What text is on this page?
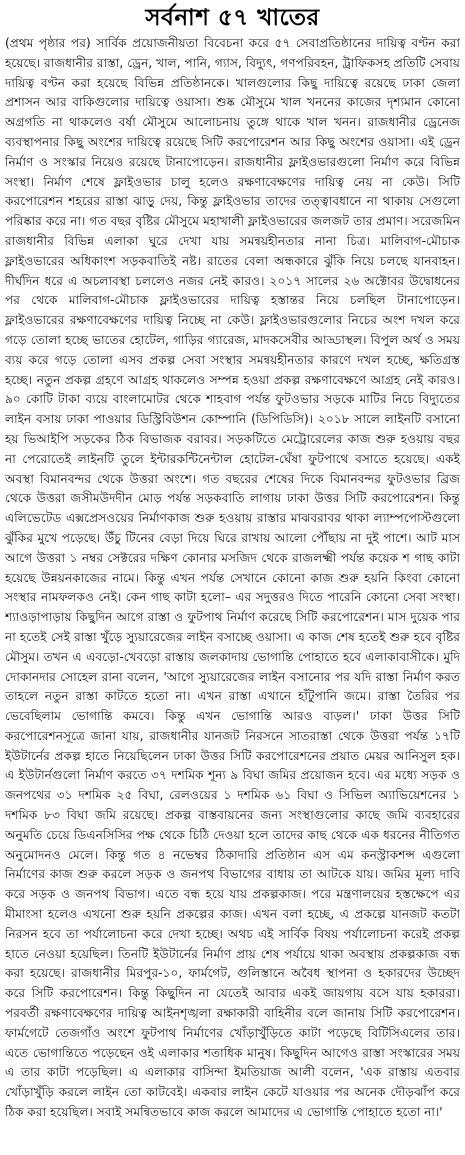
সর্বনাশ ৫৭ খাতের

(প্রথম পৃষ্ঠার পর) সার্বিক প্রয়োজনীয়তা বিবেচনা করে ৫৭ সেবাপ্রতিষ্ঠানের দায়িত্ব বণ্টন করা হয়েছে। রাজধানীর রাস্তা, ড্রেন, খাল, পানি, গ্যাস, বিদ্যুৎ, গণপরিবহন, ট্রাফিকসহ প্রতিটি সেবায় দায়িত্ব বণ্টন করা হয়েছে বিভিন্ন প্রতিষ্ঠানকে। খালগুলোর কিছু দায়িত্বে রয়েছে ঢাকা জেলা প্রশাসন আর বাকিগুলোর দায়িত্বে ওয়াসা। শুষ্ক মৌসুমে খাল খননের কাজের দৃশ্যমান কোনো অগ্রগতি না থাকলেও বর্ষা মৌসুমে আলোচনায় তুঙ্গে থাকে খাল খনন। রাজধানীর ড্রেনেজ ব্যবস্থাপনার কিছু অংশের দায়িত্বে রয়েছে সিটি করপোরেশন আর কিছু অংশের ওয়াসা। এই ড্রেন নির্মাণ ও সংস্কার নিয়েও রয়েছে টানাপোড়েন। রাজধানীর ফ্লাইওভারগুলো নির্মাণ করে বিভিন্ন সংস্থা। নির্মাণ শেষে ফ্লাইওভার চালু হলেও রক্ষণাবেক্ষণের দায়িত্ব নেয় না কেউ। সিটি করপোরেশন শহরের রাস্তা ঝাড়ু দেয়, কিন্তু ফ্লাইওভার তাদের তত্ত্বাবধানে না থাকায় সেগুলো পরিষ্কার করে না। গত বছর বৃষ্টির মৌসুমে মহাখালী ফ্লাইওভারের জলজট তার প্রমাণ। সরেজমিন রাজধানীর বিভিন্ন এলাকা ঘুরে দেখা যায় সমন্বয়হীনতার নানা চিত্র। মালিবাগ-মৌচাক ফ্লাইওভারের অধিকাংশ সড়কবাতিই নষ্ট। রাতের বেলা অন্ধকারে ঝুঁকি নিয়ে চলছে যানবাহন। দীর্ঘদিন ধরে এ অচলাবস্থা চললেও নজর নেই কারও। ২০১৭ সালের ২৬ অক্টোবর উদ্বোধনের পর থেকে মালিবাগ-মৌচাক ফ্লাইওভারের দায়িত্ব হস্তান্তর নিয়ে চলছিল টানাপোড়েন। ফ্লাইওভারের রক্ষণাবেক্ষণের দায়িত্ব নিচ্ছে না কেউ। ফ্লাইওভারগুলোর নিচের অংশ দখল করে গড়ে তোলা হচ্ছে ভাতের হোটেল, গাড়ির গ্যারেজ, মাদকসেবীর আড্ডাস্থল। বিপুল অর্থ ও সময় ব্যয় করে গড়ে তোলা এসব প্রকল্প সেবা সংস্থার সমন্বয়হীনতার কারণে দখল হচ্ছে, ক্ষতিগ্রস্ত হচ্ছে। নতুন প্রকল্প গ্রহণে আগ্রহ থাকলেও সম্পন্ন হওয়া প্রকল্প রক্ষণাবেক্ষণে আগ্রহ নেই কারও। ৯০ কোটি টাকা ব্যয়ে বাংলামোটর থেকে শাহবাগ পর্যন্ত ফুটওভার সড়কে মাটির নিচে বিদ্যুতের লাইন বসায় ঢাকা পাওয়ার ডিস্ট্রিবিউশন কোম্পানি (ডিপিডিসি)। ২০১৮ সালে লাইনটি বসানো হয় ভিআইপি সড়কের ঠিক বিভাজক বরাবর। সড়কটিতে মেট্রোরেলের কাজ শুরু হওয়ায় বছর না পেরোতেই লাইনটি তুলে ইন্টারকন্টিনেন্টাল হোটেল-ঘেঁষা ফুটপাথে বসাতে হয়েছে। একই অবস্থা বিমানবন্দর থেকে উত্তরা অংশে। গত বছরের শেষের দিকে বিমানবন্দর ফুটওভার ব্রিজ থেকে উত্তরা জসীমউদদীন মোড় পর্যন্ত সড়কবাতি লাগায় ঢাকা উত্তর সিটি করপোরেশন। কিন্তু এলিভেটেড এক্সপ্রেসওয়ের নির্মাণকাজ শুরু হওয়ায় রাস্তার মাঝবরাবর থাকা ল্যাম্পপোস্টগুলো ঝুঁকির মুখে পড়েছে। উঁচু টিনের বেড়া দিয়ে ঘিরে রাখায় আলো পৌঁছায় না দুই পাশে। আট মাস আগে উত্তরা ১ নম্বর সেক্টরের দক্ষিণ কোনার মসজিদ থেকে রাজলক্ষ্মী পর্যন্ত কয়েক শ গাছ কাটা হয়েছে উন্নয়নকাজের নামে। কিন্তু এখন পর্যন্ত সেখানে কোনো কাজ শুরু হয়নি কিংবা কোনো সংস্থার নামফলকও নেই। কেন গাছ কাটা হলো– এর সদুত্তরও দিতে পারেনি কোনো সেবা সংস্থা। শ্যাওড়াপাড়ায় কিছুদিন আগে রাস্তা ও ফুটপাথ নির্মাণ করেছে সিটি করপোরেশন। মাস দুয়েক পার না হতেই সেই রাস্তা খুঁড়ে স্যুয়ারেজের লাইন বসাচ্ছে ওয়াসা। এ কাজ শেষ হতেই শুরু হবে বৃষ্টির মৌসুম। তখন এ এবড়ো-খেবড়ো রাস্তায় জলকাদায় ভোগান্তি পোহাতে হবে এলাকাবাসীকে। মুদি দোকানদার সোহেল রানা বলেন, 'আগে স্যুয়ারেজের লাইন বসানোর পর যদি রাস্তা নির্মাণ করত তাহলে নতুন রাস্তা কাটতে হতো না। এখন রাস্তা এখানে হাঁটুপানি জমে। রাস্তা তৈরির পর ভেবেছিলাম ভোগান্তি কমবে। কিন্তু এখন ভোগান্তি আরও বাড়ল।' ঢাকা উত্তর সিটি করপোরেশনসূত্রে জানা যায়, রাজধানীর যানজট নিরসনে সাতরাস্তা থেকে উত্তরা পর্যন্ত ১৭টি ইউটার্নের প্রকল্প হাতে নিয়েছিলেন ঢাকা উত্তর সিটি করপোরেশনের প্রয়াত মেয়র আনিসুল হক। এ ইউটার্নগুলো নির্মাণ করতে ৩৭ দশমিক শূন্য ৯ বিঘা জমির প্রয়োজন হবে। এর মধ্যে সড়ক ও জনপথের ৩১ দশমিক ২৫ বিঘা, রেলওয়ের ১ দশমিক ৬১ বিঘা ও সিভিল অ্যাভিয়েশনের ১ দশমিক ৮৩ বিঘা জমি রয়েছে। প্রকল্প বাস্তবায়নের জন্য সংস্থাগুলোর কাছে জমি ব্যবহারের অনুমতি চেয়ে ডিএনসিসির পক্ষ থেকে চিঠি দেওয়া হলে তাদের কাছ থেকে এক ধরনের নীতিগত অনুমোদনও মেলে। কিন্তু গত ৪ নভেম্বর ঠিকাদারি প্রতিষ্ঠান এস এম কনস্ট্রাকশন্স এগুলো নির্মাণের কাজ শুরু করলে সড়ক ও জনপথ বিভাগের বাধায় তা আটকে যায়। জমির মূল্য দাবি করে সড়ক ও জনপথ বিভাগ। এতে বন্ধ হয়ে যায় প্রকল্পকাজ। পরে মন্ত্রণালয়ের হস্তক্ষেপে এর মীমাংসা হলেও এখনো শুরু হয়নি প্রকল্পের কাজ। এখন বলা হচ্ছে, এ প্রকল্পে যানজট কতটা নিরসন হবে তা পর্যালোচনা করে দেখা হচ্ছে। অথচ এই সার্বিক বিষয় পর্যালোচনা করেই প্রকল্প হাতে নেওয়া হয়েছিল। তিনটি ইউটার্নের নির্মাণ প্রায় শেষ পর্যায়ে থাকা অবস্থায় প্রকল্পকাজ বন্ধ করা হয়েছে। রাজধানীর মিরপুর-১০, ফার্মগেট, গুলিস্তানে অবৈধ স্থাপনা ও হকারদের উচ্ছেদ করে সিটি করপোরেশন। কিন্তু কিছুদিন না যেতেই আবার একই জায়গায় বসে যায় হকাররা। পরবর্তী রক্ষণাবেক্ষণের দায়িত্ব আইনশৃঙ্খলা রক্ষাকারী বাহিনীর বলে জানায় সিটি করপোরেশন। ফার্মগেটে তেজগাঁও অংশে ফুটপাথ নির্মাণের খোঁড়াখুঁড়িতে কাটা পড়েছে বিটিসিএলের তার। এতে ভোগান্তিতে পড়েছেন ওই এলাকার শতাধিক মানুষ। কিছুদিন আগেও রাস্তা সংস্কারের সময় এ তার কাটা পড়েছিল। এ এলাকার বাসিন্দা ইমতিয়াজ আলী বলেন, 'এক রাস্তায় এতবার খোঁড়াখুঁড়ি করলে লাইন তো কাটবেই। একবার লাইন কেটে যাওয়ার পর অনেক দৌড়ঝাঁপ করে ঠিক করা হয়েছিল। সবাই সমন্বিতভাবে কাজ করলে আমাদের এ ভোগান্তি পোহাতে হতো না।'
